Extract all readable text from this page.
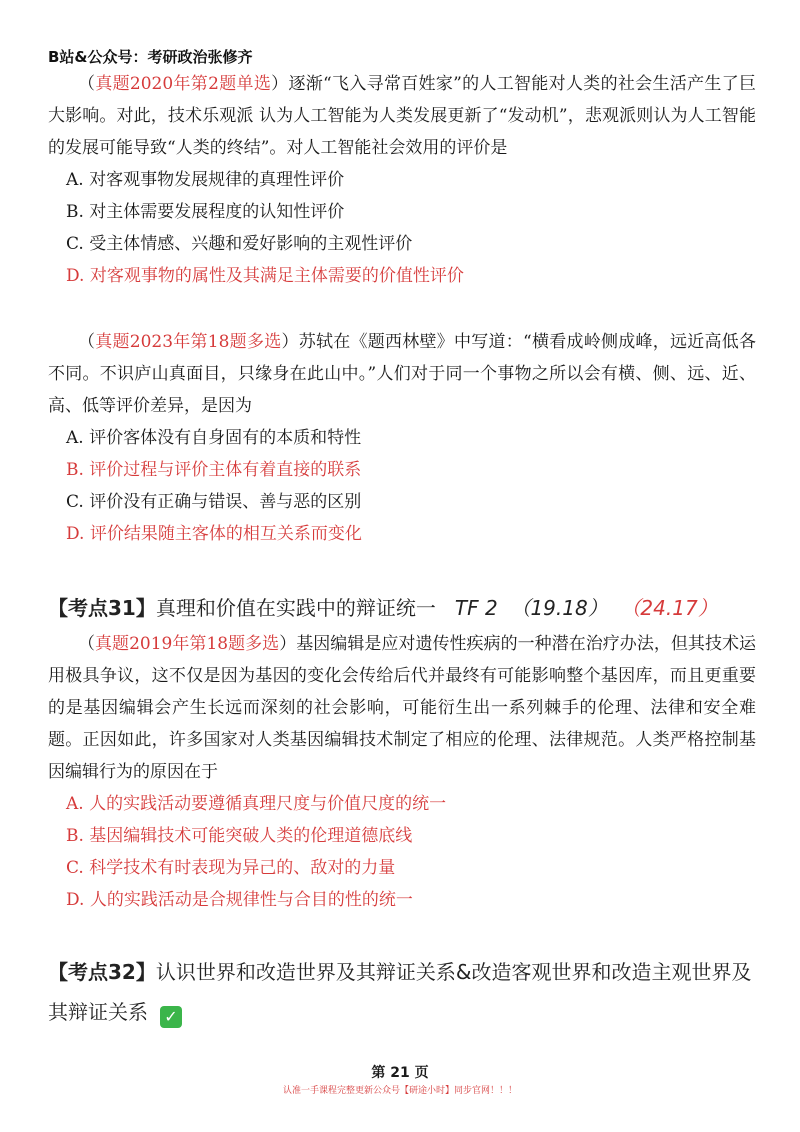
B站&公众号：考研政治张修齐

（真题2020年第2题单选）逐渐“飞入寻常百姓家”的人工智能对人类的社会生活产生了巨大影响。对此，技术乐观派 认为人工智能为人类发展更新了“发动机”，悲观派则认为人工智能的发展可能导致“人类的终结”。对人工智能社会效用的评价是

A. 对客观事物发展规律的真理性评价

B. 对主体需要发展程度的认知性评价

C. 受主体情感、兴趣和爱好影响的主观性评价

D. 对客观事物的属性及其满足主体需要的价值性评价

（真题2023年第18题多选）苏轼在《题西林壁》中写道：“横看成岭侧成峰，远近高低各不同。不识庐山真面目，只缘身在此山中。”人们对于同一个事物之所以会有横、侧、远、近、高、低等评价差异，是因为

A. 评价客体没有自身固有的本质和特性

B. 评价过程与评价主体有着直接的联系

C. 评价没有正确与错误、善与恶的区别

D. 评价结果随主客体的相互关系而变化

【考点31】真理和价值在实践中的辩证统一 TF 2 （19.18） （24.17）

（真题2019年第18题多选）基因编辑是应对遗传性疾病的一种潜在治疗办法，但其技术运用极具争议，这不仅是因为基因的变化会传给后代并最终有可能影响整个基因库，而且更重要的是基因编辑会产生长远而深刻的社会影响，可能衍生出一系列棘手的伦理、法律和安全难题。正因如此，许多国家对人类基因编辑技术制定了相应的伦理、法律规范。人类严格控制基因编辑行为的原因在于

A. 人的实践活动要遵循真理尺度与价值尺度的统一

B. 基因编辑技术可能突破人类的伦理道德底线

C. 科学技术有时表现为异己的、敌对的力量

D. 人的实践活动是合规律性与合目的性的统一

【考点32】认识世界和改造世界及其辩证关系&改造客观世界和改造主观世界及其辩证关系 ✓
第 21 页
认准一手课程完整更新公众号【研途小时】同步官网！！！
